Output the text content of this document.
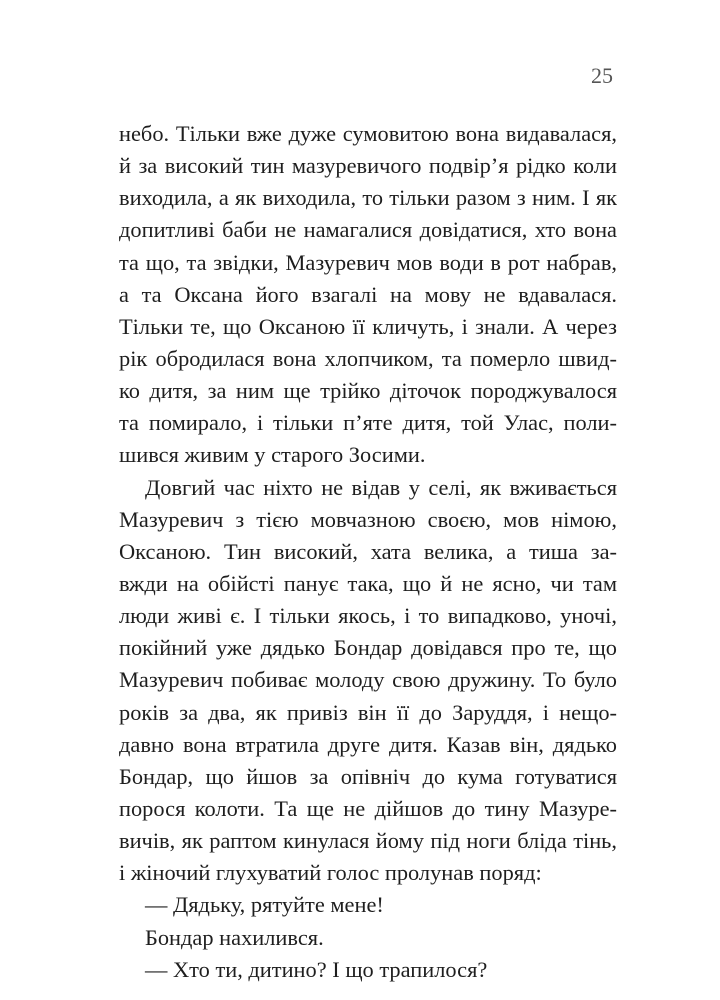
25
небо. Тільки вже дуже сумовитою вона видавалася,
й за високий тин мазуревичого подвір’я рідко коли
виходила, а як виходила, то тільки разом з ним. І як
допитливі баби не намагалися довідатися, хто вона
та що, та звідки, Мазуревич мов води в рот набрав,
а та Оксана його взагалі на мову не вдавалася.
Тільки те, що Оксаною її кличуть, і знали. А через
рік обродилася вона хлопчиком, та померло швид-
ко дитя, за ним ще трійко діточок породжувалося
та помирало, і тільки п’яте дитя, той Улас, поли-
шився живим у старого Зосими.
Довгий час ніхто не відав у селі, як вживається
Мазуревич з тією мовчазною своєю, мов німою,
Оксаною. Тин високий, хата велика, а тиша за-
вжди на обійсті панує така, що й не ясно, чи там
люди живі є. І тільки якось, і то випадково, уночі,
покійний уже дядько Бондар довідався про те, що
Мазуревич побиває молоду свою дружину. То було
років за два, як привіз він її до Заруддя, і нещо-
давно вона втратила друге дитя. Казав він, дядько
Бондар, що йшов за опівніч до кума готуватися
порося колоти. Та ще не дійшов до тину Мазуре-
вичів, як раптом кинулася йому під ноги бліда тінь,
і жіночий глухуватий голос пролунав поряд:
— Дядьку, рятуйте мене!
Бондар нахилився.
— Хто ти, дитино? І що трапилося?
